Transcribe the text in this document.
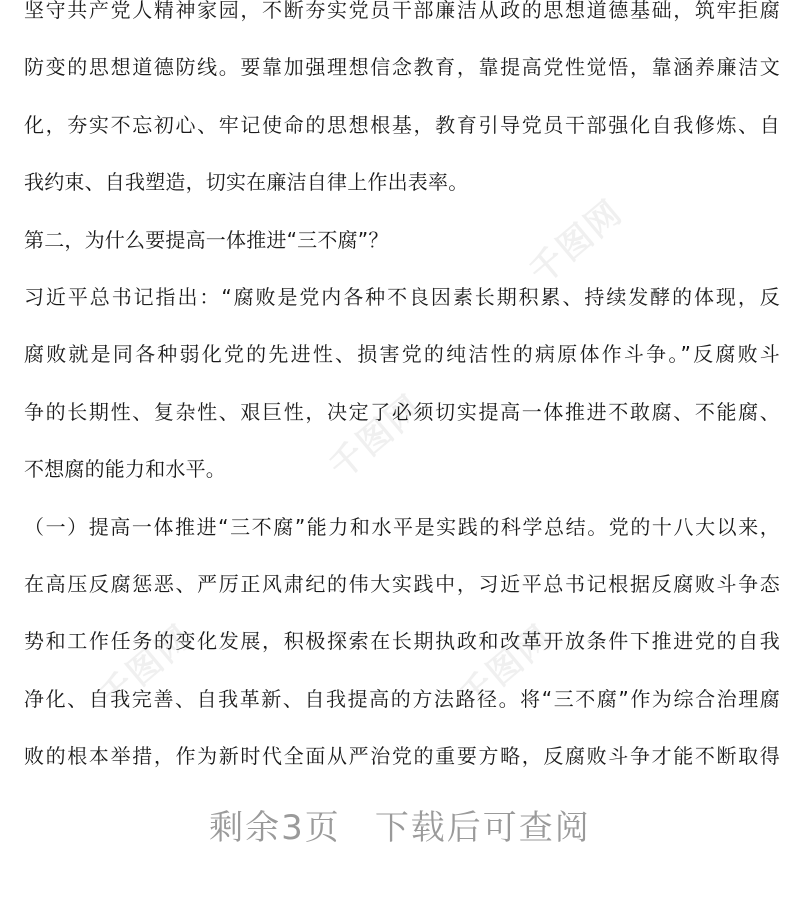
千图网
千图网
千图网	千图网
坚守共产党人精神家园，不断夯实党员干部廉洁从政的思想道德基础，筑牢拒腐
防变的思想道德防线。要靠加强理想信念教育，靠提高党性觉悟，靠涵养廉洁文
化，夯实不忘初心、牢记使命的思想根基，教育引导党员干部强化自我修炼、自
我约束、自我塑造，切实在廉洁自律上作出表率。
第二，为什么要提高一体推进“三不腐”？
习近平总书记指出：“腐败是党内各种不良因素长期积累、持续发酵的体现，反
腐败就是同各种弱化党的先进性、损害党的纯洁性的病原体作斗争。”反腐败斗
争的长期性、复杂性、艰巨性，决定了必须切实提高一体推进不敢腐、不能腐、
不想腐的能力和水平。
（一）提高一体推进“三不腐”能力和水平是实践的科学总结。党的十八大以来，
在高压反腐惩恶、严厉正风肃纪的伟大实践中，习近平总书记根据反腐败斗争态
势和工作任务的变化发展，积极探索在长期执政和改革开放条件下推进党的自我
净化、自我完善、自我革新、自我提高的方法路径。将“三不腐”作为综合治理腐
败的根本举措，作为新时代全面从严治党的重要方略，反腐败斗争才能不断取得
剩余3页 下载后可查阅
